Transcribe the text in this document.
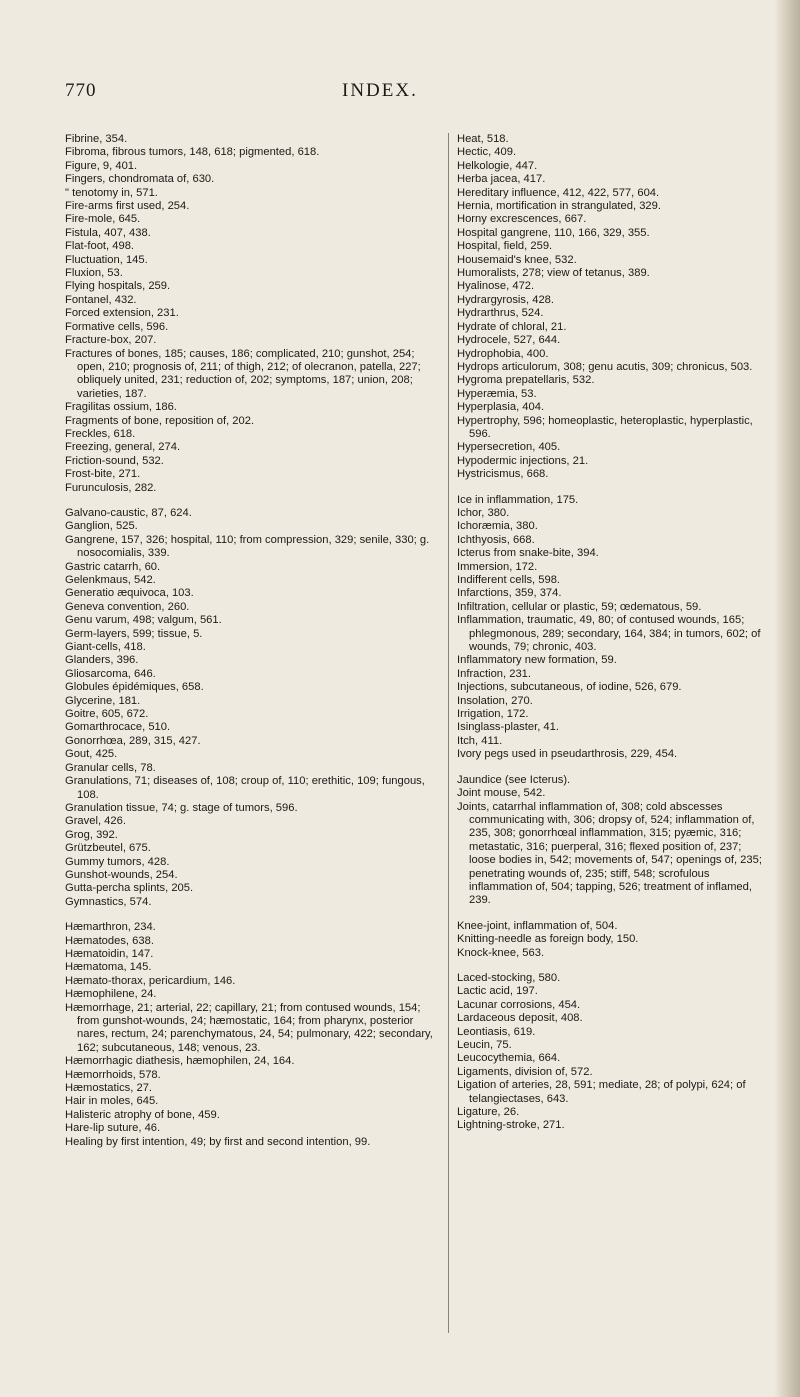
770	INDEX.

Fibrine, 354.

Fibroma, fibrous tumors, 148, 618; pigmented, 618.

Figure, 9, 401.

Fingers, chondromata of, 630.

" tenotomy in, 571.

Fire-arms first used, 254.

Fire-mole, 645.

Fistula, 407, 438.

Flat-foot, 498.

Fluctuation, 145.

Fluxion, 53.

Flying hospitals, 259.

Fontanel, 432.

Forced extension, 231.

Formative cells, 596.

Fracture-box, 207.

Fractures of bones, 185; causes, 186; complicated, 210; gunshot, 254; open, 210; prognosis of, 211; of thigh, 212; of olecranon, patella, 227; obliquely united, 231; reduction of, 202; symptoms, 187; union, 208; varieties, 187.

Fragilitas ossium, 186.

Fragments of bone, reposition of, 202.

Freckles, 618.

Freezing, general, 274.

Friction-sound, 532.

Frost-bite, 271.

Furunculosis, 282.

Galvano-caustic, 87, 624.

Ganglion, 525.

Gangrene, 157, 326; hospital, 110; from compression, 329; senile, 330; g. nosocomialis, 339.

Gastric catarrh, 60.

Gelenkmaus, 542.

Generatio æquivoca, 103.

Geneva convention, 260.

Genu varum, 498; valgum, 561.

Germ-layers, 599; tissue, 5.

Giant-cells, 418.

Glanders, 396.

Gliosarcoma, 646.

Globules épidémiques, 658.

Glycerine, 181.

Goitre, 605, 672.

Gomarthrocace, 510.

Gonorrhœa, 289, 315, 427.

Gout, 425.

Granular cells, 78.

Granulations, 71; diseases of, 108; croup of, 110; erethitic, 109; fungous, 108.

Granulation tissue, 74; g. stage of tumors, 596.

Gravel, 426.

Grog, 392.

Grützbeutel, 675.

Gummy tumors, 428.

Gunshot-wounds, 254.

Gutta-percha splints, 205.

Gymnastics, 574.

Hæmarthron, 234.

Hæmatodes, 638.

Hæmatoidin, 147.

Hæmatoma, 145.

Hæmato-thorax, pericardium, 146.

Hæmophilene, 24.

Hæmorrhage, 21; arterial, 22; capillary, 21; from contused wounds, 154; from gunshot-wounds, 24; hæmostatic, 164; from pharynx, posterior nares, rectum, 24; parenchymatous, 24, 54; pulmonary, 422; secondary, 162; subcutaneous, 148; venous, 23.

Hæmorrhagic diathesis, hæmophilen, 24, 164.

Hæmorrhoids, 578.

Hæmostatics, 27.

Hair in moles, 645.

Halisteric atrophy of bone, 459.

Hare-lip suture, 46.

Healing by first intention, 49; by first and second intention, 99.

Heat, 518.

Hectic, 409.

Helkologie, 447.

Herba jacea, 417.

Hereditary influence, 412, 422, 577, 604.

Hernia, mortification in strangulated, 329.

Horny excrescences, 667.

Hospital gangrene, 110, 166, 329, 355.

Hospital, field, 259.

Housemaid's knee, 532.

Humoralists, 278; view of tetanus, 389.

Hyalinose, 472.

Hydrargyrosis, 428.

Hydrarthrus, 524.

Hydrate of chloral, 21.

Hydrocele, 527, 644.

Hydrophobia, 400.

Hydrops articulorum, 308; genu acutis, 309; chronicus, 503.

Hygroma prepatellaris, 532.

Hyperæmia, 53.

Hyperplasia, 404.

Hypertrophy, 596; homeoplastic, heteroplastic, hyperplastic, 596.

Hypersecretion, 405.

Hypodermic injections, 21.

Hystricismus, 668.

Ice in inflammation, 175.

Ichor, 380.

Ichoræmia, 380.

Ichthyosis, 668.

Icterus from snake-bite, 394.

Immersion, 172.

Indifferent cells, 598.

Infarctions, 359, 374.

Infiltration, cellular or plastic, 59; œdematous, 59.

Inflammation, traumatic, 49, 80; of contused wounds, 165; phlegmonous, 289; secondary, 164, 384; in tumors, 602; of wounds, 79; chronic, 403.

Inflammatory new formation, 59.

Infraction, 231.

Injections, subcutaneous, of iodine, 526, 679.

Insolation, 270.

Irrigation, 172.

Isinglass-plaster, 41.

Itch, 411.

Ivory pegs used in pseudarthrosis, 229, 454.

Jaundice (see Icterus).

Joint mouse, 542.

Joints, catarrhal inflammation of, 308; cold abscesses communicating with, 306; dropsy of, 524; inflammation of, 235, 308; gonorrhœal inflammation, 315; pyæmic, 316; metastatic, 316; puerperal, 316; flexed position of, 237; loose bodies in, 542; movements of, 547; openings of, 235; penetrating wounds of, 235; stiff, 548; scrofulous inflammation of, 504; tapping, 526; treatment of inflamed, 239.

Knee-joint, inflammation of, 504.

Knitting-needle as foreign body, 150.

Knock-knee, 563.

Laced-stocking, 580.

Lactic acid, 197.

Lacunar corrosions, 454.

Lardaceous deposit, 408.

Leontiasis, 619.

Leucin, 75.

Leucocythemia, 664.

Ligaments, division of, 572.

Ligation of arteries, 28, 591; mediate, 28; of polypi, 624; of telangiectases, 643.

Ligature, 26.

Lightning-stroke, 271.
